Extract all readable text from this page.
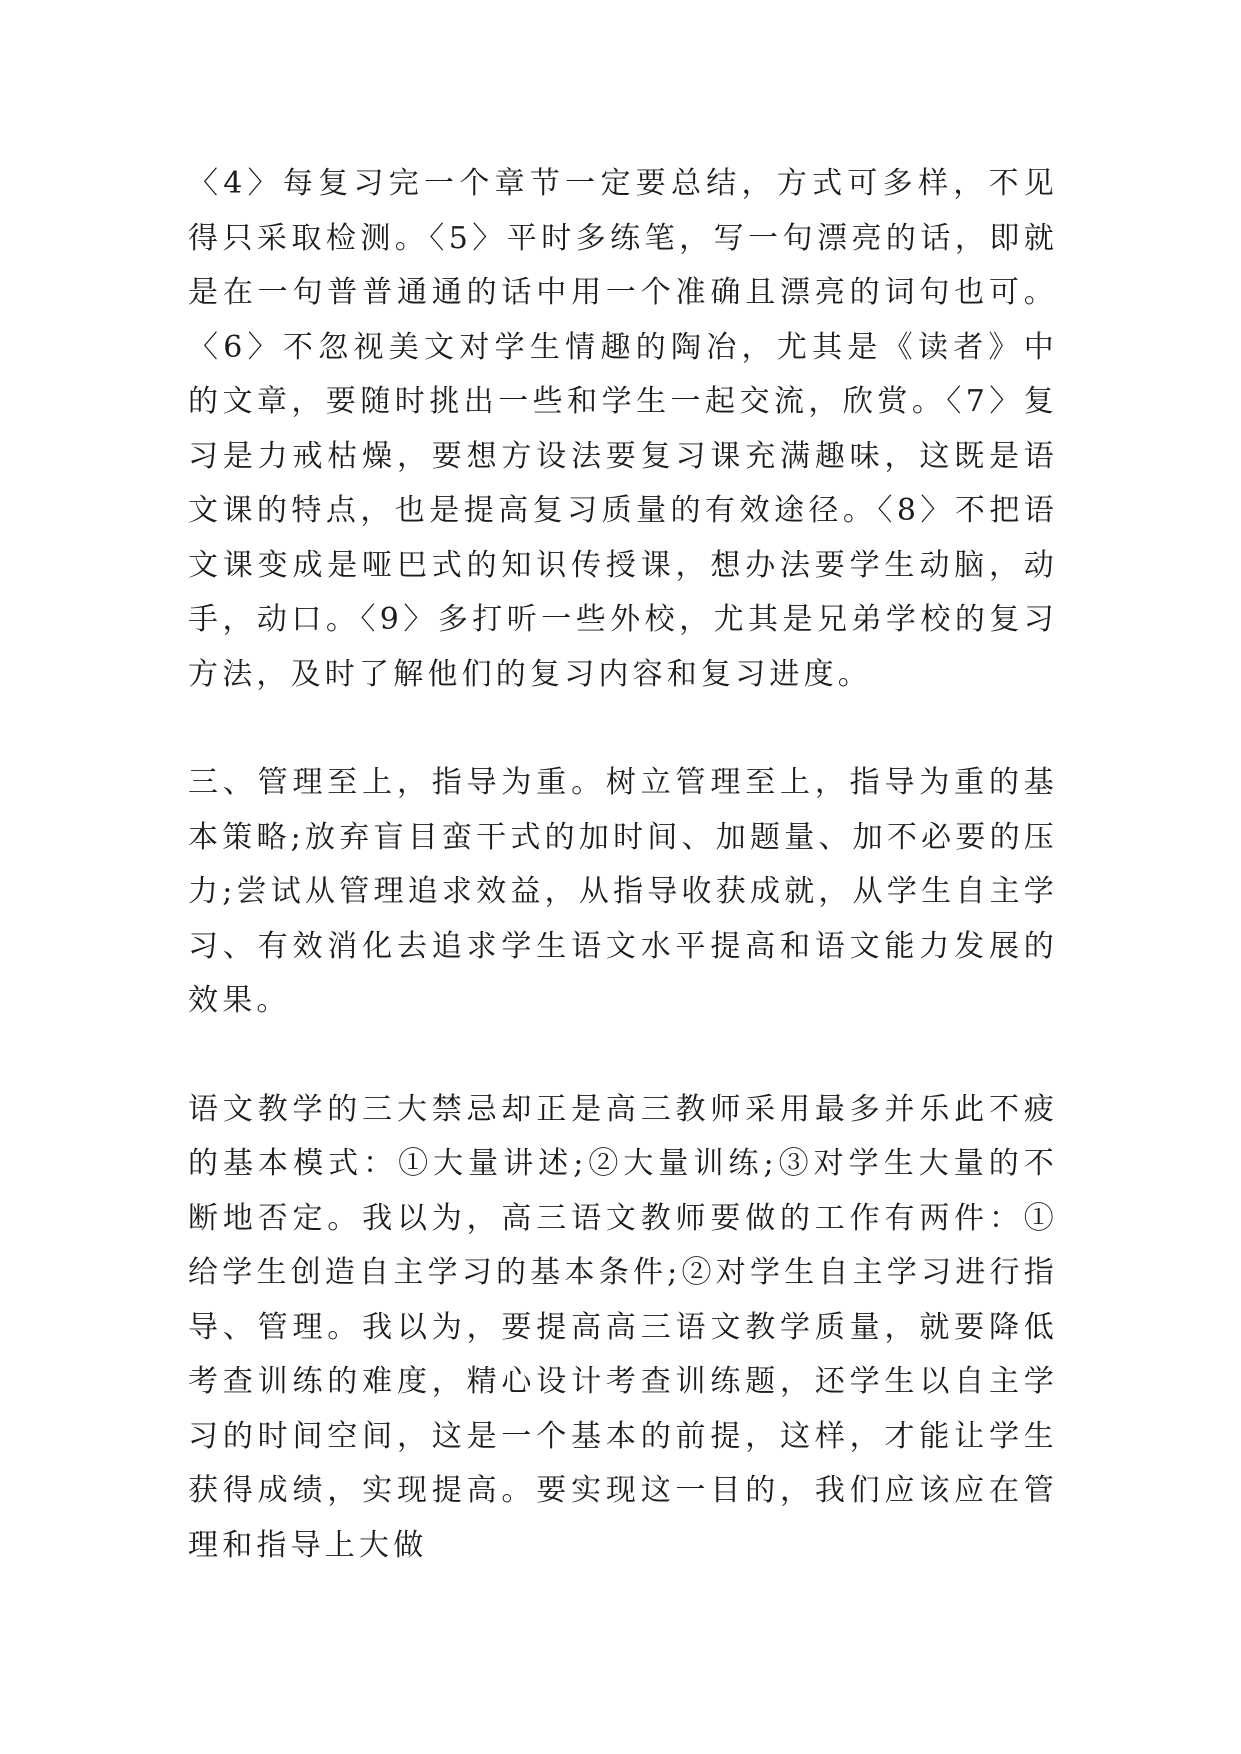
〈4〉每复习完一个章节一定要总结，方式可多样，不见得只采取检测。〈5〉平时多练笔，写一句漂亮的话，即就是在一句普普通通的话中用一个准确且漂亮的词句也可。〈6〉不忽视美文对学生情趣的陶冶，尤其是《读者》中的文章，要随时挑出一些和学生一起交流，欣赏。〈7〉复习是力戒枯燥，要想方设法要复习课充满趣味，这既是语文课的特点，也是提高复习质量的有效途径。〈8〉不把语文课变成是哑巴式的知识传授课，想办法要学生动脑，动手，动口。〈9〉多打听一些外校，尤其是兄弟学校的复习方法，及时了解他们的复习内容和复习进度。

三、管理至上，指导为重。树立管理至上，指导为重的基本策略;放弃盲目蛮干式的加时间、加题量、加不必要的压力;尝试从管理追求效益，从指导收获成就，从学生自主学习、有效消化去追求学生语文水平提高和语文能力发展的效果。

语文教学的三大禁忌却正是高三教师采用最多并乐此不疲的基本模式：①大量讲述;②大量训练;③对学生大量的不断地否定。我以为，高三语文教师要做的工作有两件：①给学生创造自主学习的基本条件;②对学生自主学习进行指导、管理。我以为，要提高高三语文教学质量，就要降低考查训练的难度，精心设计考查训练题，还学生以自主学习的时间空间，这是一个基本的前提，这样，才能让学生获得成绩，实现提高。要实现这一目的，我们应该应在管理和指导上大做
